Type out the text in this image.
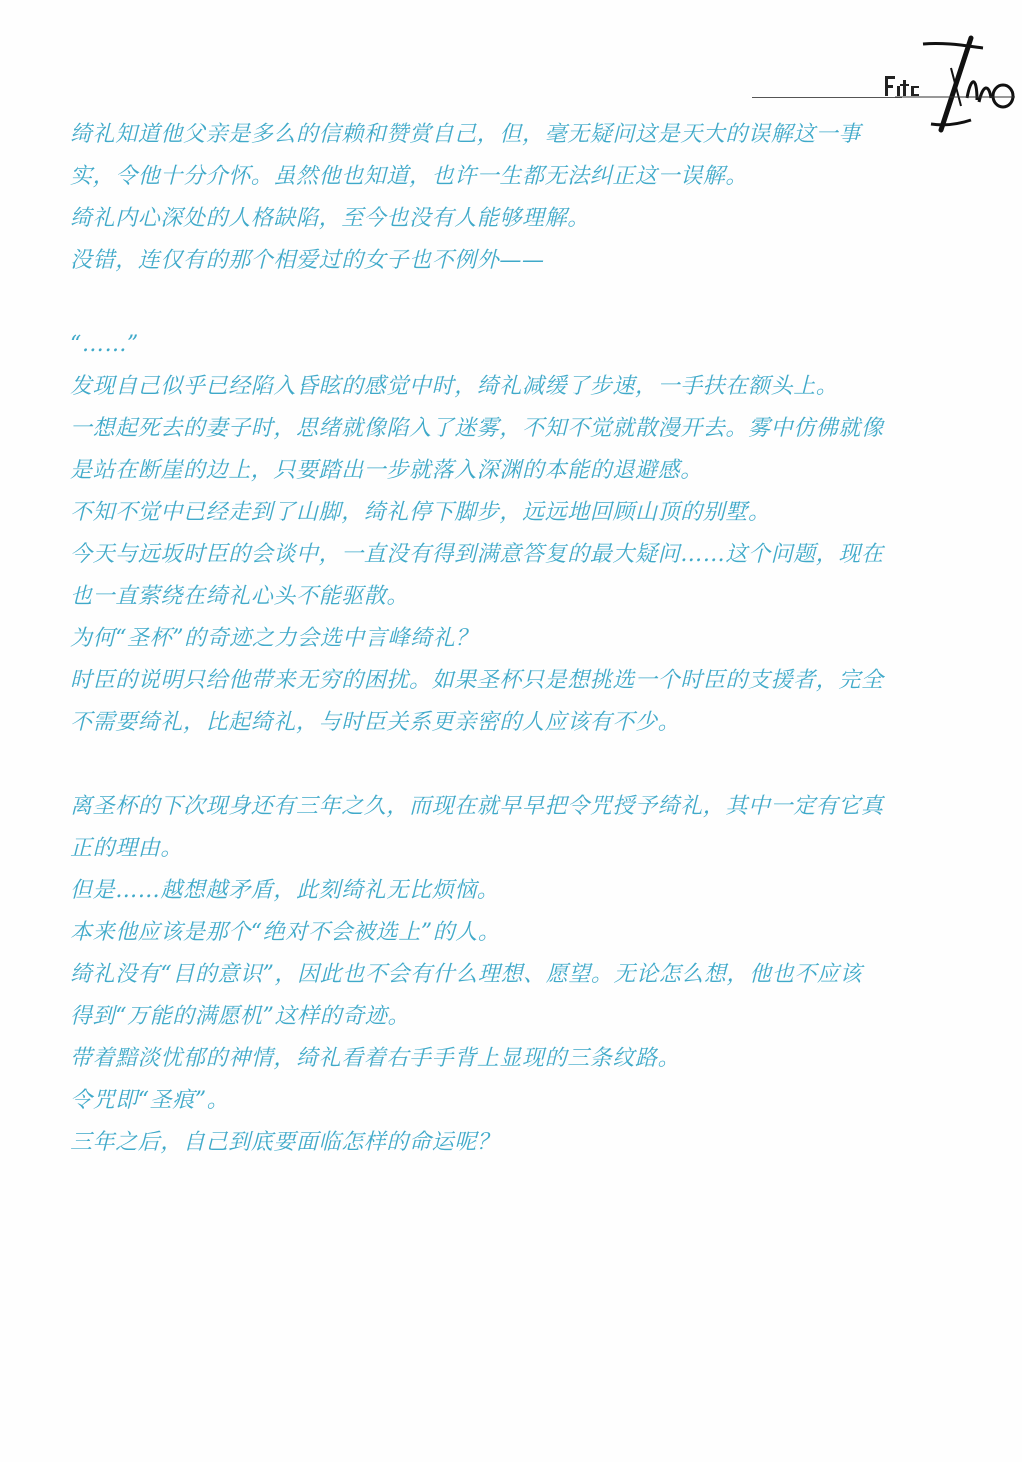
绮礼知道他父亲是多么的信赖和赞赏自己，但，毫无疑问这是天大的误解这一事
实，令他十分介怀。虽然他也知道，也许一生都无法纠正这一误解。
绮礼内心深处的人格缺陷，至今也没有人能够理解。
没错，连仅有的那个相爱过的女子也不例外——
“……”
发现自己似乎已经陷入昏眩的感觉中时，绮礼减缓了步速，一手扶在额头上。
一想起死去的妻子时，思绪就像陷入了迷雾，不知不觉就散漫开去。雾中仿佛就像
是站在断崖的边上，只要踏出一步就落入深渊的本能的退避感。
不知不觉中已经走到了山脚，绮礼停下脚步，远远地回顾山顶的别墅。
今天与远坂时臣的会谈中，一直没有得到满意答复的最大疑问……这个问题，现在
也一直萦绕在绮礼心头不能驱散。
为何“圣杯”的奇迹之力会选中言峰绮礼？
时臣的说明只给他带来无穷的困扰。如果圣杯只是想挑选一个时臣的支援者，完全
不需要绮礼，比起绮礼，与时臣关系更亲密的人应该有不少。
离圣杯的下次现身还有三年之久，而现在就早早把令咒授予绮礼，其中一定有它真
正的理由。
但是……越想越矛盾，此刻绮礼无比烦恼。
本来他应该是那个“绝对不会被选上”的人。
绮礼没有“目的意识”，因此也不会有什么理想、愿望。无论怎么想，他也不应该
得到“万能的满愿机”这样的奇迹。
带着黯淡忧郁的神情，绮礼看着右手手背上显现的三条纹路。
令咒即“圣痕”。
三年之后，自己到底要面临怎样的命运呢？
